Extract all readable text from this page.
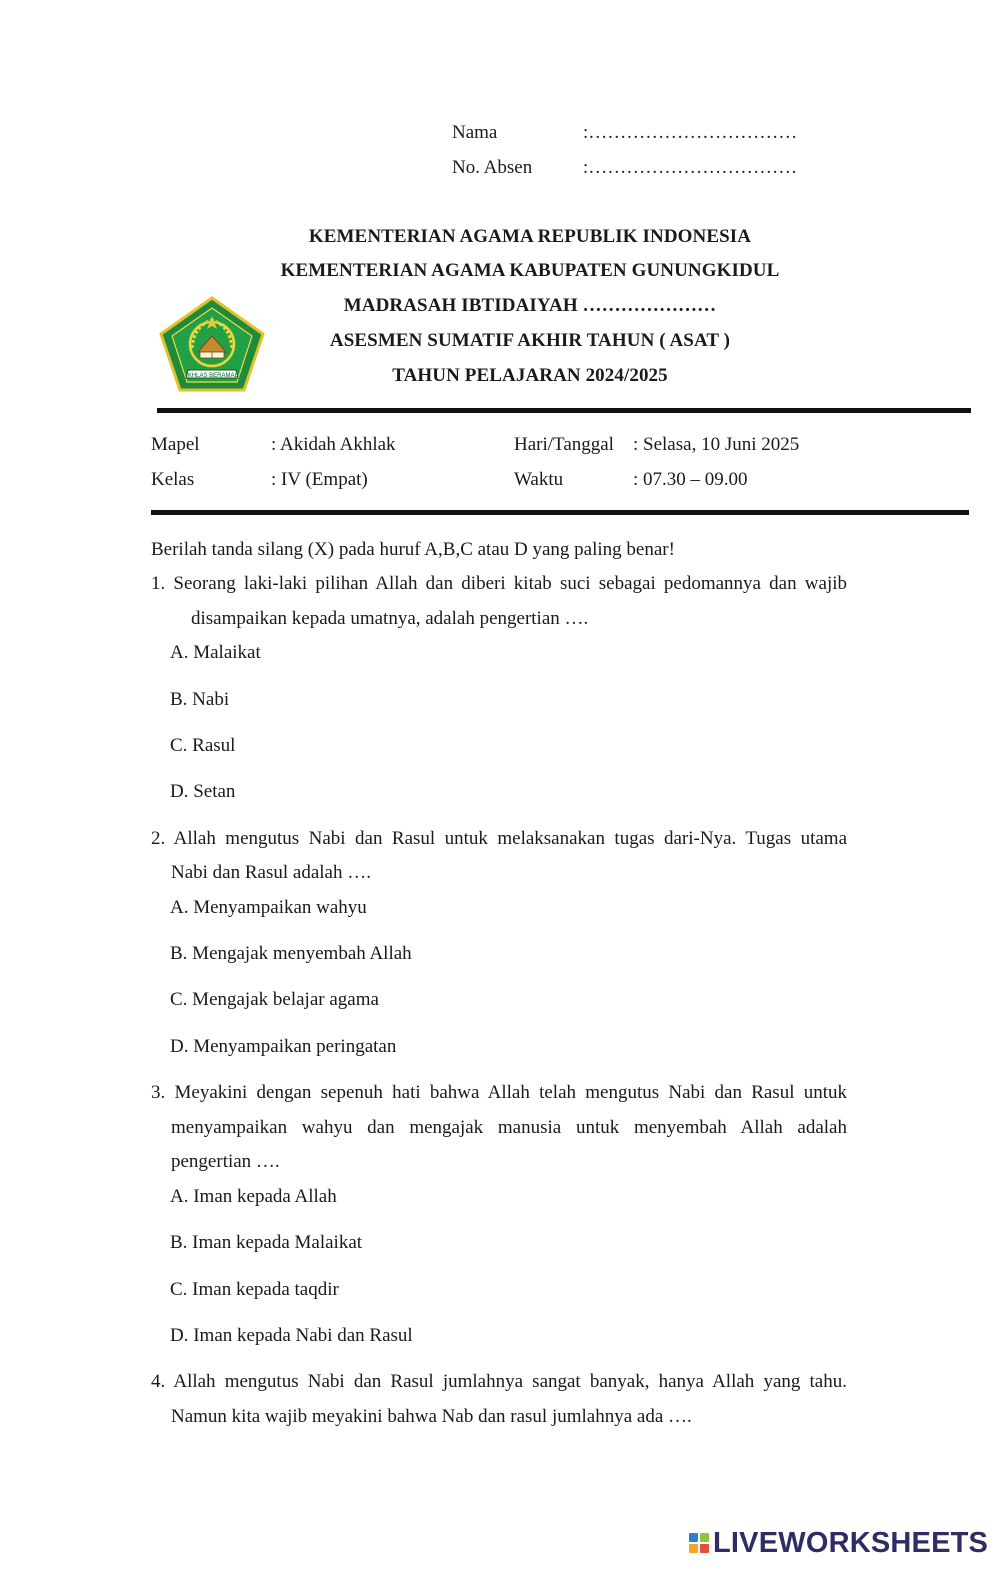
Nama	:……………………………
No. Absen	:……………………………
IKHLAS BERAMAL
KEMENTERIAN AGAMA REPUBLIK INDONESIA
KEMENTERIAN AGAMA KABUPATEN GUNUNGKIDUL
MADRASAH IBTIDAIYAH …………………
ASESMEN SUMATIF AKHIR TAHUN ( ASAT )
TAHUN PELAJARAN 2024/2025
Mapel	: Akidah Akhlak	Hari/Tanggal : Selasa, 10 Juni 2025
Kelas	: IV (Empat)	Waktu	: 07.30 – 09.00
Berilah tanda silang (X) pada huruf A,B,C atau D yang paling benar!
1. Seorang laki-laki pilihan Allah dan diberi kitab suci sebagai pedomannya dan wajib
disampaikan kepada umatnya, adalah pengertian ….
A. Malaikat
B. Nabi
C. Rasul
D. Setan
2. Allah mengutus Nabi dan Rasul untuk melaksanakan tugas dari-Nya. Tugas utama
Nabi dan Rasul adalah ….
A. Menyampaikan wahyu
B. Mengajak menyembah Allah
C. Mengajak belajar agama
D. Menyampaikan peringatan
3. Meyakini dengan sepenuh hati bahwa Allah telah mengutus Nabi dan Rasul untuk
menyampaikan wahyu dan mengajak manusia untuk menyembah Allah adalah
pengertian ….
A. Iman kepada Allah
B. Iman kepada Malaikat
C. Iman kepada taqdir
D. Iman kepada Nabi dan Rasul
4. Allah mengutus Nabi dan Rasul jumlahnya sangat banyak, hanya Allah yang tahu.
Namun kita wajib meyakini bahwa Nab dan rasul jumlahnya ada ….
LIVEWORKSHEETS
